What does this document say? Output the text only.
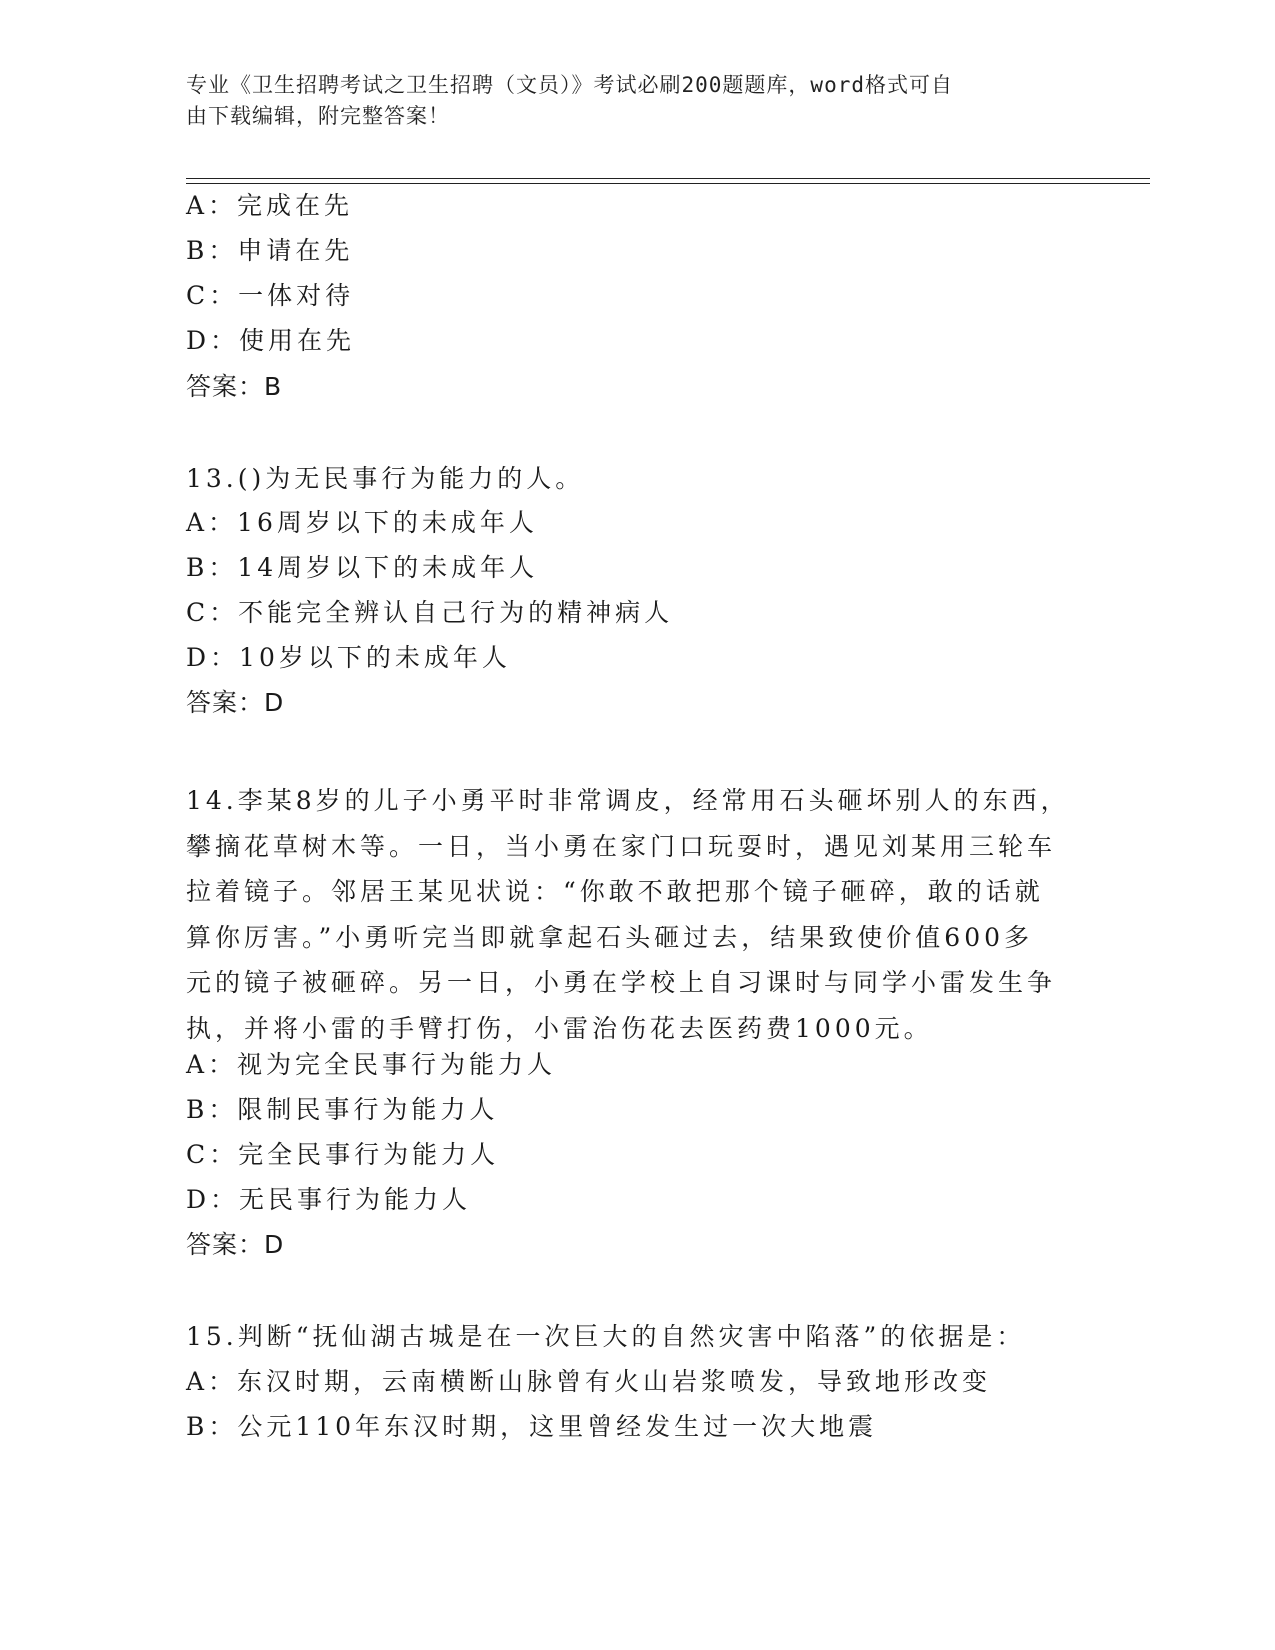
专业《卫生招聘考试之卫生招聘（文员）》考试必刷200题题库，word格式可自
由下载编辑，附完整答案！
A：完成在先
B：申请在先
C：一体对待
D：使用在先
答案：B
13.()为无民事行为能力的人。
A：16周岁以下的未成年人
B：14周岁以下的未成年人
C：不能完全辨认自己行为的精神病人
D：10岁以下的未成年人
答案：D
14.李某8岁的儿子小勇平时非常调皮，经常用石头砸坏别人的东西，
攀摘花草树木等。一日，当小勇在家门口玩耍时，遇见刘某用三轮车
拉着镜子。邻居王某见状说：“你敢不敢把那个镜子砸碎，敢的话就
算你厉害。”小勇听完当即就拿起石头砸过去，结果致使价值600多
元的镜子被砸碎。另一日，小勇在学校上自习课时与同学小雷发生争
执，并将小雷的手臂打伤，小雷治伤花去医药费1000元。
A：视为完全民事行为能力人
B：限制民事行为能力人
C：完全民事行为能力人
D：无民事行为能力人
答案：D
15.判断“抚仙湖古城是在一次巨大的自然灾害中陷落”的依据是：
A：东汉时期，云南横断山脉曾有火山岩浆喷发，导致地形改变
B：公元110年东汉时期，这里曾经发生过一次大地震
